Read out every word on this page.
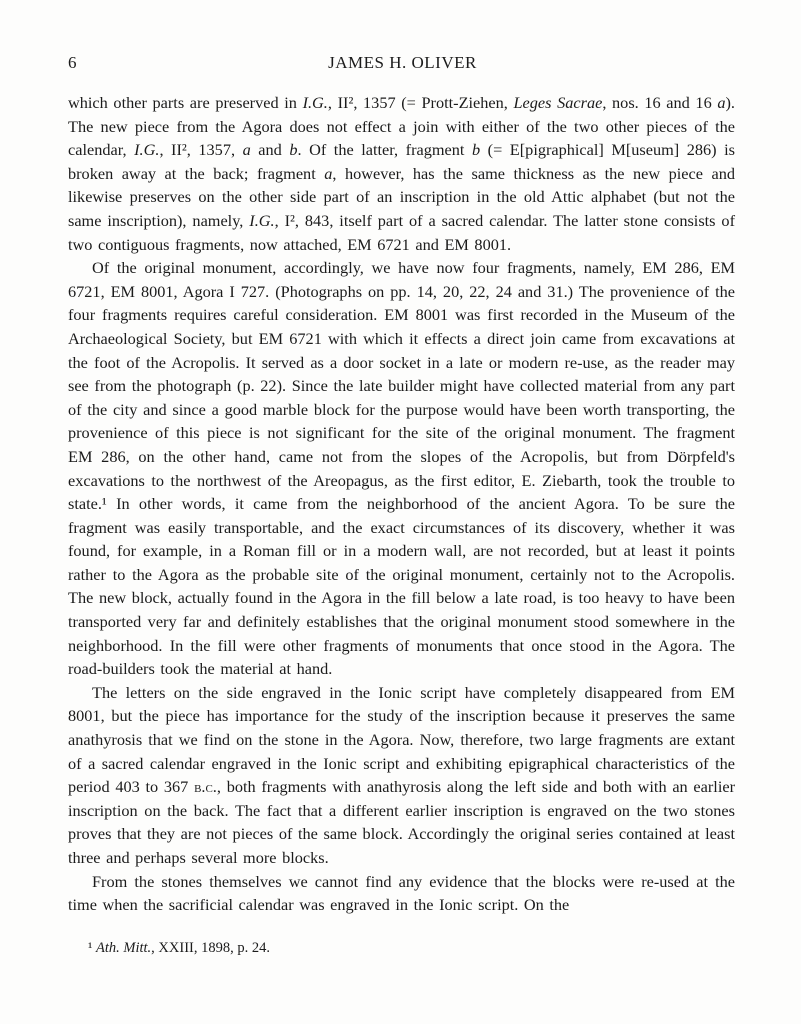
6	JAMES H. OLIVER

which other parts are preserved in I.G., II², 1357 (= Prott-Ziehen, Leges Sacrae, nos. 16 and 16 a). The new piece from the Agora does not effect a join with either of the two other pieces of the calendar, I.G., II², 1357, a and b. Of the latter, fragment b (= E[pigraphical] M[useum] 286) is broken away at the back; fragment a, however, has the same thickness as the new piece and likewise preserves on the other side part of an inscription in the old Attic alphabet (but not the same inscription), namely, I.G., I², 843, itself part of a sacred calendar. The latter stone consists of two contiguous fragments, now attached, EM 6721 and EM 8001.

Of the original monument, accordingly, we have now four fragments, namely, EM 286, EM 6721, EM 8001, Agora I 727. (Photographs on pp. 14, 20, 22, 24 and 31.) The provenience of the four fragments requires careful consideration. EM 8001 was first recorded in the Museum of the Archaeological Society, but EM 6721 with which it effects a direct join came from excavations at the foot of the Acropolis. It served as a door socket in a late or modern re-use, as the reader may see from the photograph (p. 22). Since the late builder might have collected material from any part of the city and since a good marble block for the purpose would have been worth transporting, the provenience of this piece is not significant for the site of the original monument. The fragment EM 286, on the other hand, came not from the slopes of the Acropolis, but from Dörpfeld's excavations to the northwest of the Areopagus, as the first editor, E. Ziebarth, took the trouble to state.¹ In other words, it came from the neighborhood of the ancient Agora. To be sure the fragment was easily transportable, and the exact circumstances of its discovery, whether it was found, for example, in a Roman fill or in a modern wall, are not recorded, but at least it points rather to the Agora as the probable site of the original monument, certainly not to the Acropolis. The new block, actually found in the Agora in the fill below a late road, is too heavy to have been transported very far and definitely establishes that the original monument stood somewhere in the neighborhood. In the fill were other fragments of monuments that once stood in the Agora. The road-builders took the material at hand.

The letters on the side engraved in the Ionic script have completely disappeared from EM 8001, but the piece has importance for the study of the inscription because it preserves the same anathyrosis that we find on the stone in the Agora. Now, therefore, two large fragments are extant of a sacred calendar engraved in the Ionic script and exhibiting epigraphical characteristics of the period 403 to 367 b.c., both fragments with anathyrosis along the left side and both with an earlier inscription on the back. The fact that a different earlier inscription is engraved on the two stones proves that they are not pieces of the same block. Accordingly the original series contained at least three and perhaps several more blocks.

From the stones themselves we cannot find any evidence that the blocks were re-used at the time when the sacrificial calendar was engraved in the Ionic script. On the

¹ Ath. Mitt., XXIII, 1898, p. 24.
